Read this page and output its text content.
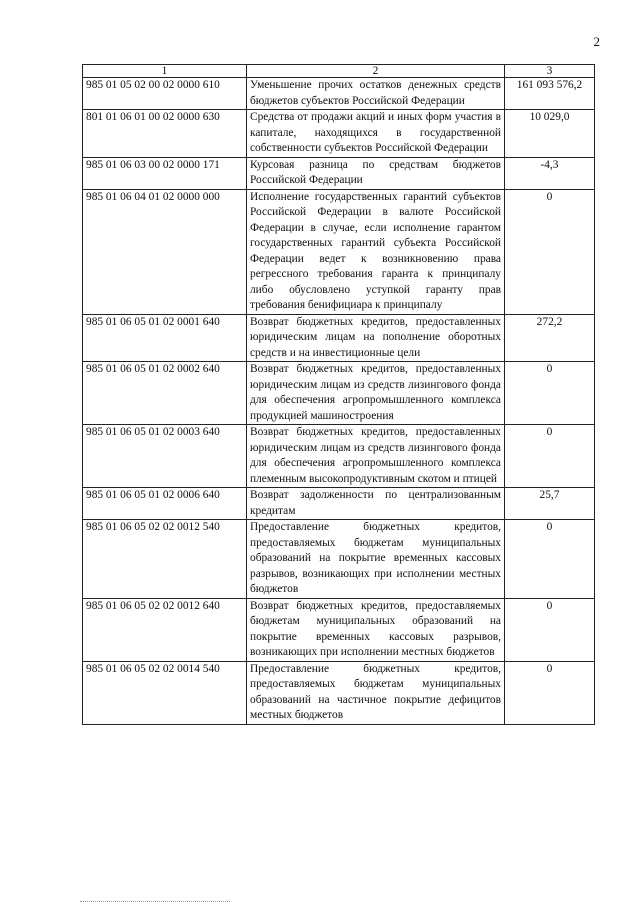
2
1	2	3
985 01 05 02 00 02 0000 610	Уменьшение прочих остатков денежных средств бюджетов субъектов Российской Федерации	161 093 576,2
801 01 06 01 00 02 0000 630	Средства от продажи акций и иных форм участия в капитале, находящихся в государственной собственности субъектов Российской Федерации	10 029,0
985 01 06 03 00 02 0000 171	Курсовая разница по средствам бюджетов Российской Федерации	-4,3
985 01 06 04 01 02 0000 000	Исполнение государственных гарантий субъектов Российской Федерации в валюте Российской Федерации в случае, если исполнение гарантом государственных гарантий субъекта Российской Федерации ведет к возникновению права регрессного требования гаранта к принципалу либо обусловлено уступкой гаранту прав требования бенифициара к принципалу	0
985 01 06 05 01 02 0001 640	Возврат бюджетных кредитов, предоставленных юридическим лицам на пополнение оборотных средств и на инвестиционные цели	272,2
985 01 06 05 01 02 0002 640	Возврат бюджетных кредитов, предоставленных юридическим лицам из средств лизингового фонда для обеспечения агропромышленного комплекса продукцией машиностроения	0
985 01 06 05 01 02 0003 640	Возврат бюджетных кредитов, предоставленных юридическим лицам из средств лизингового фонда для обеспечения агропромышленного комплекса племенным высокопродуктивным скотом и птицей	0
985 01 06 05 01 02 0006 640	Возврат задолженности по централизованным кредитам	25,7
985 01 06 05 02 02 0012 540	Предоставление бюджетных кредитов, предоставляемых бюджетам муниципальных образований на покрытие временных кассовых разрывов, возникающих при исполнении местных бюджетов	0
985 01 06 05 02 02 0012 640	Возврат бюджетных кредитов, предоставляемых бюджетам муниципальных образований на покрытие временных кассовых разрывов, возникающих при исполнении местных бюджетов	0
985 01 06 05 02 02 0014 540	Предоставление бюджетных кредитов, предоставляемых бюджетам муниципальных образований на частичное покрытие дефицитов местных бюджетов	0
